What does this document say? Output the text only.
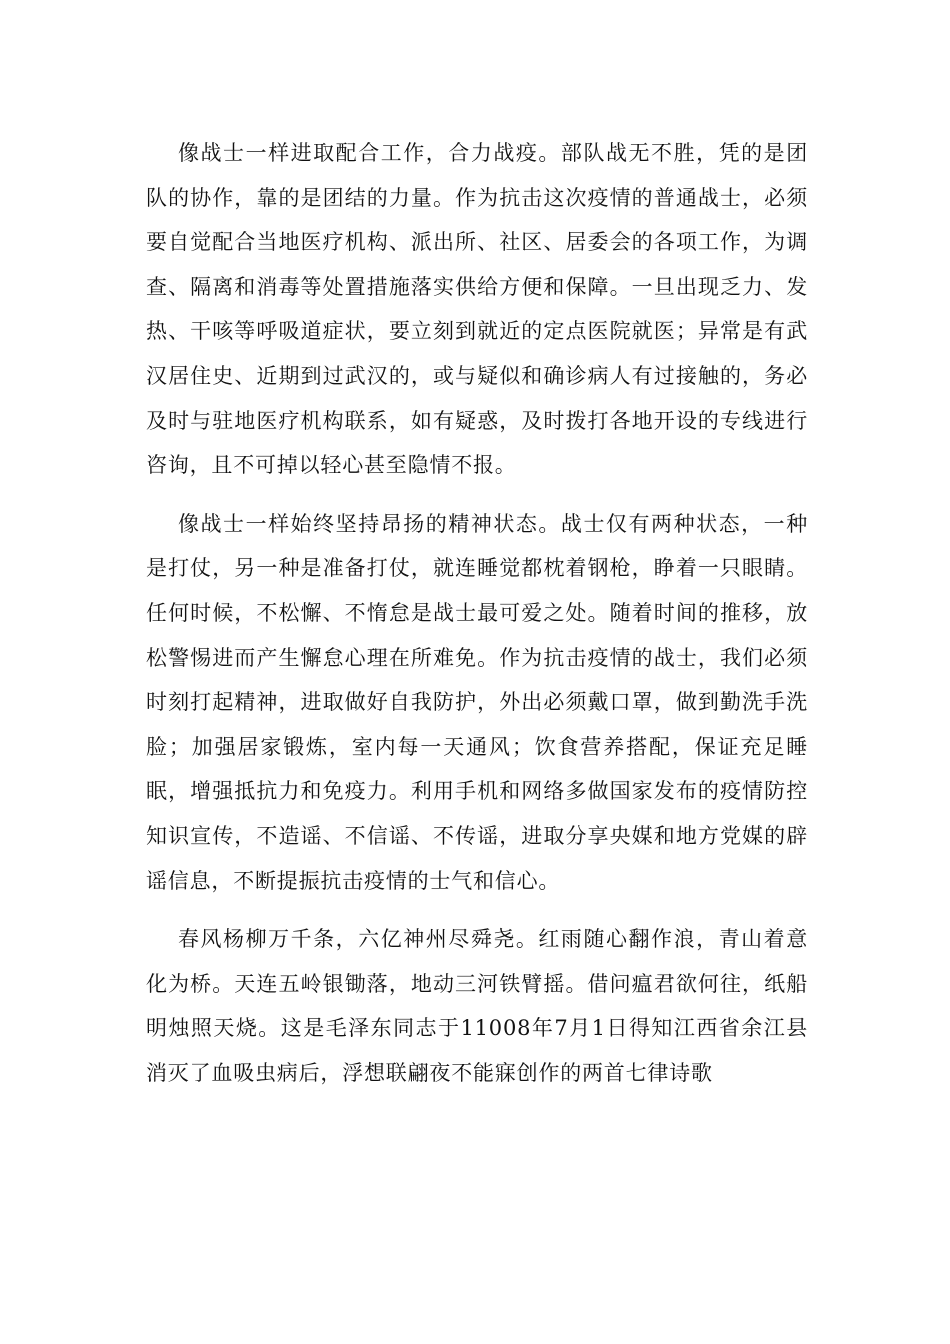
像战士一样进取配合工作，合力战疫。部队战无不胜，凭的是团队的协作，靠的是团结的力量。作为抗击这次疫情的普通战士，必须要自觉配合当地医疗机构、派出所、社区、居委会的各项工作，为调查、隔离和消毒等处置措施落实供给方便和保障。一旦出现乏力、发热、干咳等呼吸道症状，要立刻到就近的定点医院就医；异常是有武汉居住史、近期到过武汉的，或与疑似和确诊病人有过接触的，务必及时与驻地医疗机构联系，如有疑惑，及时拨打各地开设的专线进行咨询，且不可掉以轻心甚至隐情不报。

像战士一样始终坚持昂扬的精神状态。战士仅有两种状态，一种是打仗，另一种是准备打仗，就连睡觉都枕着钢枪，睁着一只眼睛。任何时候，不松懈、不惰怠是战士最可爱之处。随着时间的推移，放松警惕进而产生懈怠心理在所难免。作为抗击疫情的战士，我们必须时刻打起精神，进取做好自我防护，外出必须戴口罩，做到勤洗手洗脸；加强居家锻炼，室内每一天通风；饮食营养搭配，保证充足睡眠，增强抵抗力和免疫力。利用手机和网络多做国家发布的疫情防控知识宣传，不造谣、不信谣、不传谣，进取分享央媒和地方党媒的辟谣信息，不断提振抗击疫情的士气和信心。

春风杨柳万千条，六亿神州尽舜尧。红雨随心翻作浪，青山着意化为桥。天连五岭银锄落，地动三河铁臂摇。借问瘟君欲何往，纸船明烛照天烧。这是毛泽东同志于11008年7月1日得知江西省余江县消灭了血吸虫病后，浮想联翩夜不能寐创作的两首七律诗歌
